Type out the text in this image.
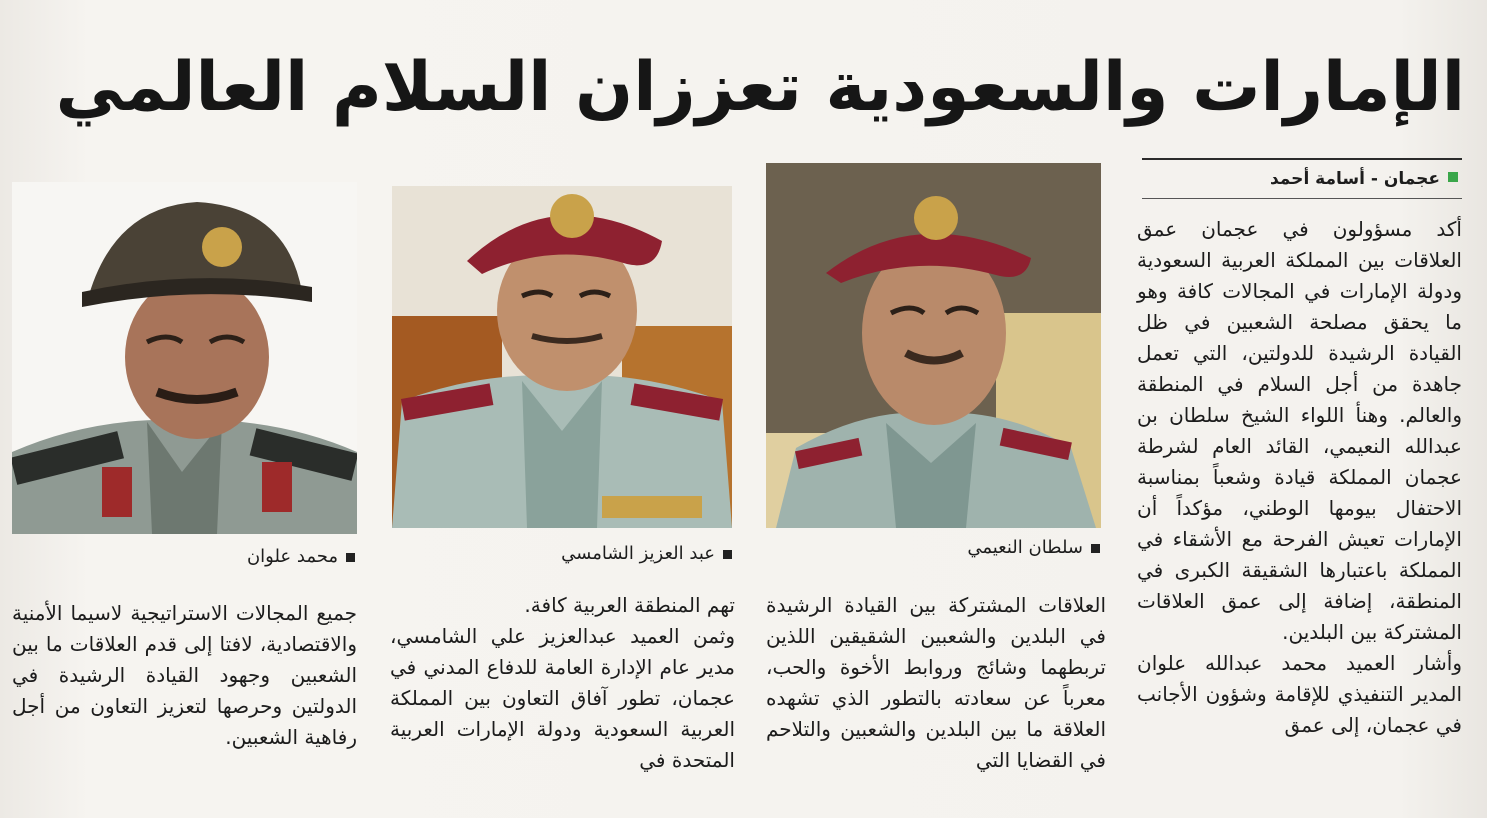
الإمارات والسعودية تعززان السلام العالمي
عجمان - أسامة أحمد
سلطان النعيمي
عبد العزيز الشامسي
محمد علوان

أكد مسؤولون في عجمان عمق العلاقات بين المملكة العربية السعودية ودولة الإمارات في المجالات كافة وهو ما يحقق مصلحة الشعبين في ظل القيادة الرشيدة للدولتين، التي تعمل جاهدة من أجل السلام في المنطقة والعالم. وهنأ اللواء الشيخ سلطان بن عبدالله النعيمي، القائد العام لشرطة عجمان المملكة قيادة وشعباً بمناسبة الاحتفال بيومها الوطني، مؤكداً أن الإمارات تعيش الفرحة مع الأشقاء في المملكة باعتبارها الشقيقة الكبرى في المنطقة، إضافة إلى عمق العلاقات المشتركة بين البلدين.

وأشار العميد محمد عبدالله علوان المدير التنفيذي للإقامة وشؤون الأجانب في عجمان، إلى عمق

العلاقات المشتركة بين القيادة الرشيدة في البلدين والشعبين الشقيقين اللذين تربطهما وشائج وروابط الأخوة والحب، معرباً عن سعادته بالتطور الذي تشهده العلاقة ما بين البلدين والشعبين والتلاحم في القضايا التي

تهم المنطقة العربية كافة.

وثمن العميد عبدالعزيز علي الشامسي، مدير عام الإدارة العامة للدفاع المدني في عجمان، تطور آفاق التعاون بين المملكة العربية السعودية ودولة الإمارات العربية المتحدة في

جميع المجالات الاستراتيجية لاسيما الأمنية والاقتصادية، لافتا إلى قدم العلاقات ما بين الشعبين وجهود القيادة الرشيدة في الدولتين وحرصها لتعزيز التعاون من أجل رفاهية الشعبين.
